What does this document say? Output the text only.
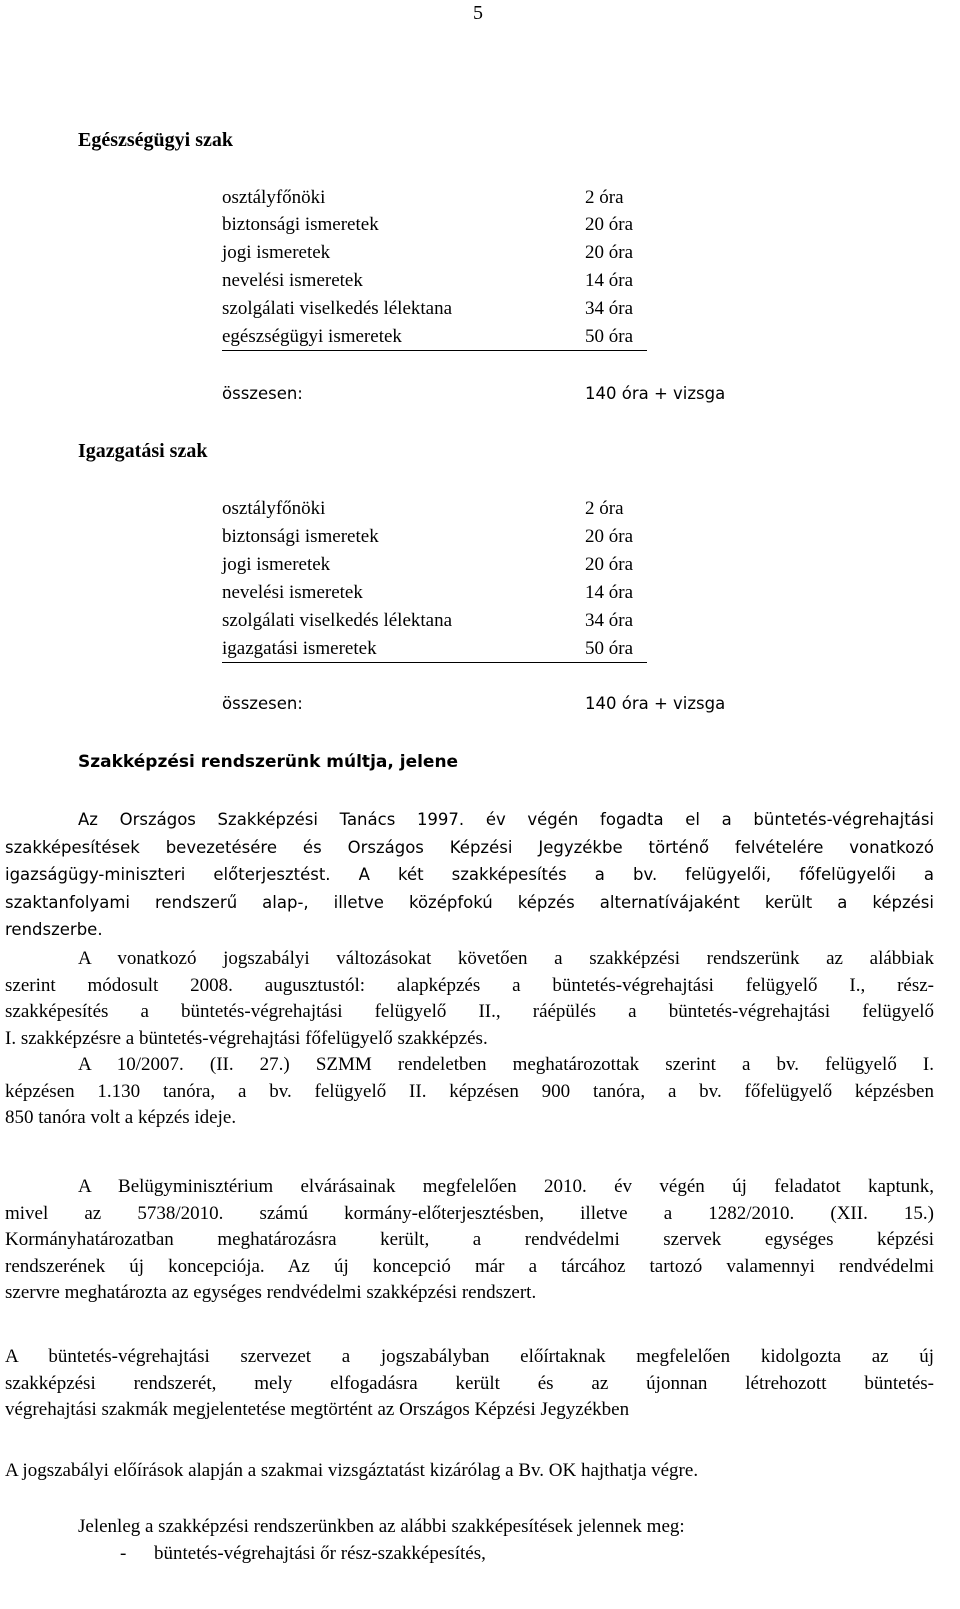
5
Egészségügyi szak
osztályfőnöki	2 óra
biztonsági ismeretek	20 óra
jogi ismeretek	20 óra
nevelési ismeretek	14 óra
szolgálati viselkedés lélektana	34 óra
egészségügyi ismeretek	50 óra
összesen:	140 óra + vizsga
Igazgatási szak
osztályfőnöki	2 óra
biztonsági ismeretek	20 óra
jogi ismeretek	20 óra
nevelési ismeretek	14 óra
szolgálati viselkedés lélektana	34 óra
igazgatási ismeretek	50 óra
összesen:	140 óra + vizsga
Szakképzési rendszerünk múltja, jelene
Az Országos Szakképzési Tanács 1997. év végén fogadta el a büntetés-végrehajtási
szakképesítések bevezetésére és Országos Képzési Jegyzékbe történő felvételére vonatkozó
igazságügy-miniszteri előterjesztést. A két szakképesítés a bv. felügyelői, főfelügyelői a
szaktanfolyami rendszerű alap-, illetve középfokú képzés alternatívájaként került a képzési
rendszerbe.
A vonatkozó jogszabályi változásokat követően a szakképzési rendszerünk az alábbiak
szerint módosult 2008. augusztustól: alapképzés a büntetés-végrehajtási felügyelő I., rész-
szakképesítés a büntetés-végrehajtási felügyelő II., ráépülés a büntetés-végrehajtási felügyelő
I. szakképzésre a büntetés-végrehajtási főfelügyelő szakképzés.
A 10/2007. (II. 27.) SZMM rendeletben meghatározottak szerint a bv. felügyelő I.
képzésen 1.130 tanóra, a bv. felügyelő II. képzésen 900 tanóra, a bv. főfelügyelő képzésben
850 tanóra volt a képzés ideje.
A Belügyminisztérium elvárásainak megfelelően 2010. év végén új feladatot kaptunk,
mivel az 5738/2010. számú kormány-előterjesztésben, illetve a 1282/2010. (XII. 15.)
Kormányhatározatban meghatározásra került, a rendvédelmi szervek egységes képzési
rendszerének új koncepciója. Az új koncepció már a tárcához tartozó valamennyi rendvédelmi
szervre meghatározta az egységes rendvédelmi szakképzési rendszert.
A büntetés-végrehajtási szervezet a jogszabályban előírtaknak megfelelően kidolgozta az új
szakképzési rendszerét, mely elfogadásra került és az újonnan létrehozott büntetés-
végrehajtási szakmák megjelentetése megtörtént az Országos Képzési Jegyzékben
A jogszabályi előírások alapján a szakmai vizsgáztatást kizárólag a Bv. OK hajthatja végre.
Jelenleg a szakképzési rendszerünkben az alábbi szakképesítések jelennek meg:
- büntetés-végrehajtási őr rész-szakképesítés,
